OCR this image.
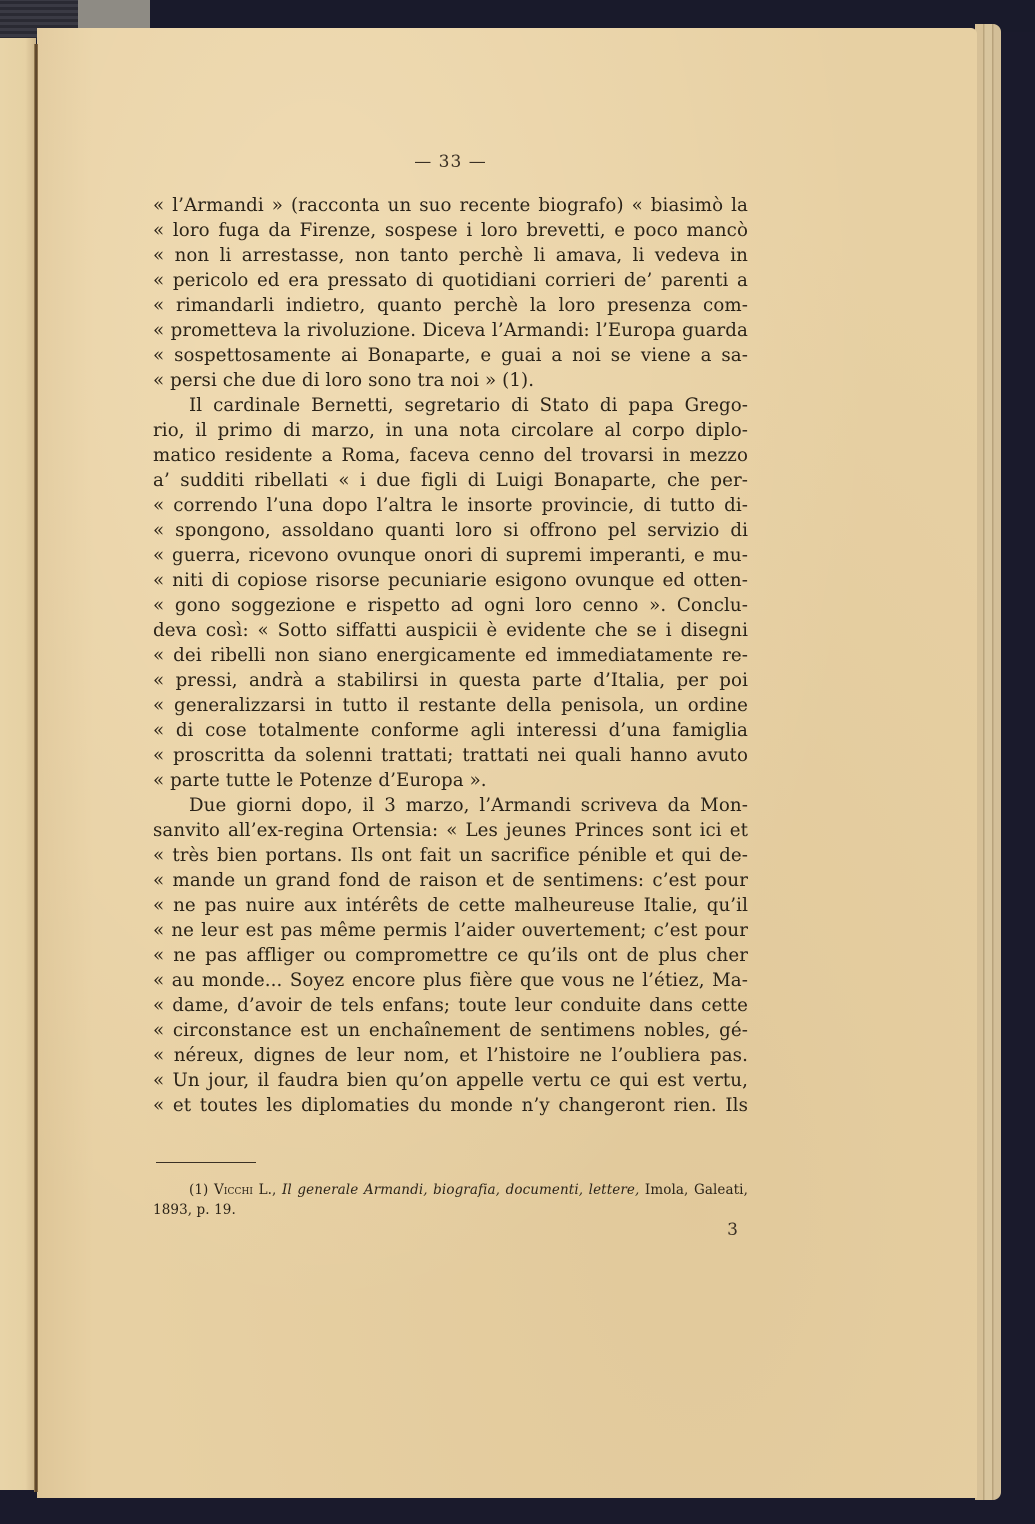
— 33 —
« l’Armandi » (racconta un suo recente biografo) « biasimò la
« loro fuga da Firenze, sospese i loro brevetti, e poco mancò
« non li arrestasse, non tanto perchè li amava, li vedeva in
« pericolo ed era pressato di quotidiani corrieri de’ parenti a
« rimandarli indietro, quanto perchè la loro presenza com-
« prometteva la rivoluzione. Diceva l’Armandi: l’Europa guarda
« sospettosamente ai Bonaparte, e guai a noi se viene a sa-
« persi che due di loro sono tra noi » (1).
Il cardinale Bernetti, segretario di Stato di papa Grego-
rio, il primo di marzo, in una nota circolare al corpo diplo-
matico residente a Roma, faceva cenno del trovarsi in mezzo
a’ sudditi ribellati « i due figli di Luigi Bonaparte, che per-
« correndo l’una dopo l’altra le insorte provincie, di tutto di-
« spongono, assoldano quanti loro si offrono pel servizio di
« guerra, ricevono ovunque onori di supremi imperanti, e mu-
« niti di copiose risorse pecuniarie esigono ovunque ed otten-
« gono soggezione e rispetto ad ogni loro cenno ». Conclu-
deva così: « Sotto siffatti auspicii è evidente che se i disegni
« dei ribelli non siano energicamente ed immediatamente re-
« pressi, andrà a stabilirsi in questa parte d’Italia, per poi
« generalizzarsi in tutto il restante della penisola, un ordine
« di cose totalmente conforme agli interessi d’una famiglia
« proscritta da solenni trattati; trattati nei quali hanno avuto
« parte tutte le Potenze d’Europa ».
Due giorni dopo, il 3 marzo, l’Armandi scriveva da Mon-
sanvito all’ex-regina Ortensia: « Les jeunes Princes sont ici et
« très bien portans. Ils ont fait un sacrifice pénible et qui de-
« mande un grand fond de raison et de sentimens: c’est pour
« ne pas nuire aux intérêts de cette malheureuse Italie, qu’il
« ne leur est pas même permis l’aider ouvertement; c’est pour
« ne pas affliger ou compromettre ce qu’ils ont de plus cher
« au monde... Soyez encore plus fière que vous ne l’étiez, Ma-
« dame, d’avoir de tels enfans; toute leur conduite dans cette
« circonstance est un enchaînement de sentimens nobles, gé-
« néreux, dignes de leur nom, et l’histoire ne l’oubliera pas.
« Un jour, il faudra bien qu’on appelle vertu ce qui est vertu,
« et toutes les diplomaties du monde n’y changeront rien. Ils
(1) Vicchi L., Il generale Armandi, biografia, documenti, lettere, Imola, Galeati,
1893, p. 19.
3
